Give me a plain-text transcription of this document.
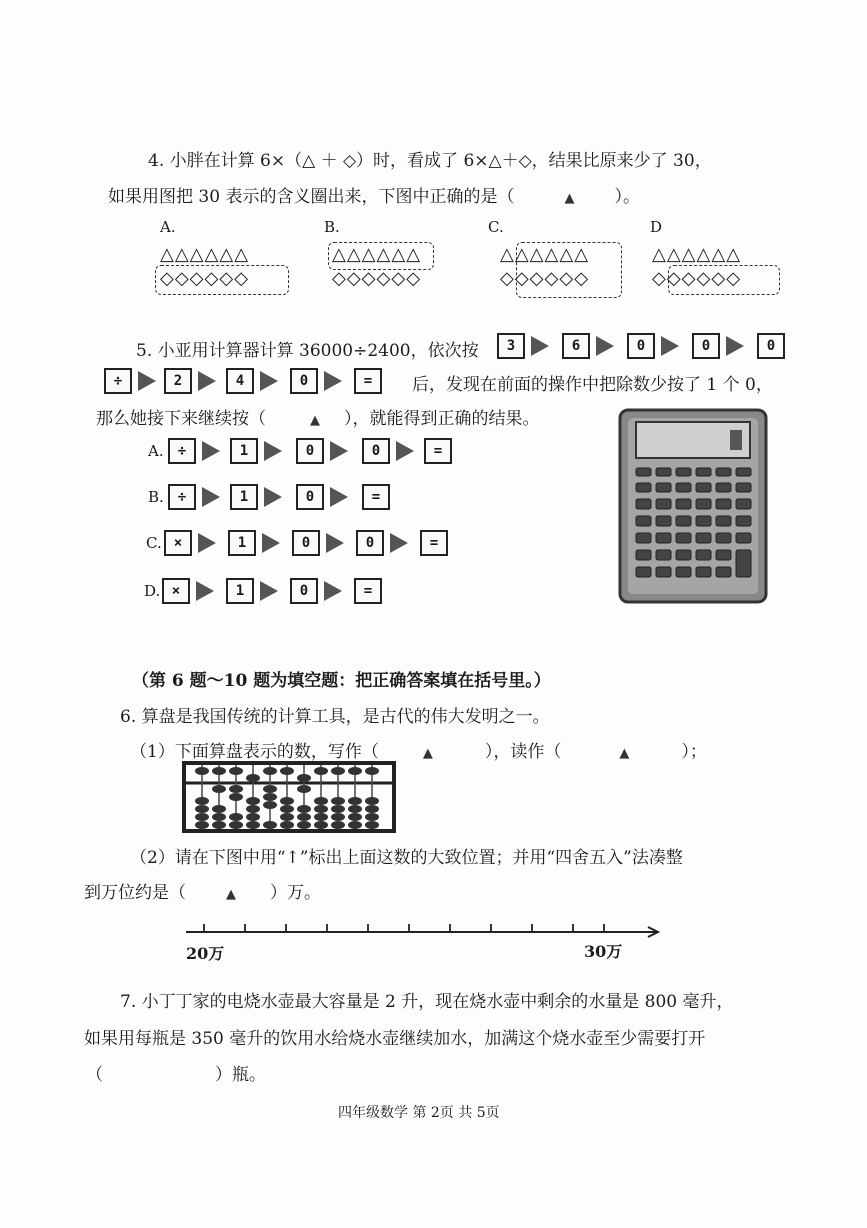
4. 小胖在计算 6×（△ ＋ ◇）时，看成了 6×△＋◇，结果比原来少了 30，
如果用图把 30 表示的含义圈出来，下图中正确的是（	▲ ）。
A.
△△△△△△
◇◇◇◇◇◇
B.
△△△△△△
◇◇◇◇◇◇
C.
△△△△△△
◇◇◇◇◇◇
D
△△△△△△
◇◇◇◇◇◇
5. 小亚用计算器计算 36000÷2400，依次按	3	6	0	0	0
÷	2	4	0	=	后，发现在前面的操作中把除数少按了 1 个 0，
那么她接下来继续按（	▲ ），就能得到正确的结果。
A.	÷	1	0	0	=
B. ÷	1	0	=
C. ×	1	0	0	=
D. ×	1	0	=
（第 6 题～10 题为填空题：把正确答案填在括号里。）
6. 算盘是我国传统的计算工具，是古代的伟大发明之一。
（1）下面算盘表示的数，写作（	▲	），读作（	▲	）；
（2）请在下图中用“↑”标出上面这数的大致位置；并用“四舍五入”法凑整
到万位约是（	▲ ）万。
20万	30万
7. 小丁丁家的电烧水壶最大容量是 2 升，现在烧水壶中剩余的水量是 800 毫升，
如果用每瓶是 350 毫升的饮用水给烧水壶继续加水，加满这个烧水壶至少需要打开
（	）瓶。
四年级数学 第 2页 共 5页
